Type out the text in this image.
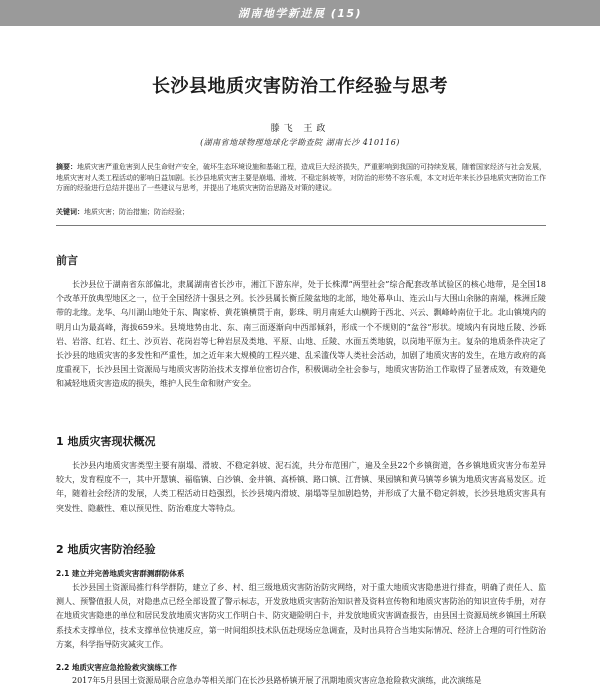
湖南地学新进展 (15)
长沙县地质灾害防治工作经验与思考
滕飞 王政
(湖南省地球物理地球化学勘查院 湖南长沙 410116)
摘要：地质灾害严重危害到人民生命财产安全，破坏生态环境设施和基础工程，造成巨大经济损失，严重影响到我国的可持续发展，随着国家经济与社会发展，地质灾害对人类工程活动的影响日益加剧。长沙县地质灾害主要是崩塌、滑坡、不稳定斜坡等，对防治的形势不容乐观，本文对近年来长沙县地质灾害防治工作方面的经验进行总结并提出了一些建议与思考，并提出了地质灾害防治思路及对策的建议。
关键词：地质灾害；防治措施；防治经验；
前言
长沙县位于湖南省东部偏北，隶属湖南省长沙市，湘江下游东岸，处于长株潭“两型社会”综合配套改革试验区的核心地带，是全国18个改革开放典型地区之一，位于全国经济十强县之列。长沙县属长衡丘陵盆地的北部，地处幕阜山、连云山与大围山余脉的南端，株洲丘陵带的北缘。龙华、乌川湖山地处于东、陶家桥、黄花镇横贯于南，影珠、明月南延大山横跨于西北、兴云、飘峰岭南位于北。北山镇境内的明月山为最高峰，海拔659米。县境地势由北、东、南三面逐渐向中西部倾斜，形成一个不规则的“盆谷”形状。境域内有岗地丘陵、沙砾岩、岩溶、红岩、红土、沙页岩、花岗岩等七种岩层及类地、平原、山地、丘陵、水面五类地貌，以岗地平原为主。复杂的地质条件决定了长沙县的地质灾害的多发性和严重性，加之近年来大规模的工程兴建、乱采滥伐等人类社会活动，加剧了地质灾害的发生，在地方政府的高度重视下，长沙县国土资源局与地质灾害防治技术支撑单位密切合作，积极调动全社会参与，地质灾害防治工作取得了显著成效，有效避免和减轻地质灾害造成的损失，维护人民生命和财产安全。
1 地质灾害现状概况
长沙县内地质灾害类型主要有崩塌、滑坡、不稳定斜坡、泥石流，共分布范围广，遍及全县22个乡镇街道，各乡镇地质灾害分布差异较大，发育程度不一，其中开慧镇、福临镇、白沙镇、金井镇、高桥镇、路口镇、江背镇、果园镇和黄马镇等乡镇为地质灾害高易发区。近年，随着社会经济的发展，人类工程活动日趋强烈，长沙县境内滑坡、崩塌等呈加剧趋势，并形成了大量不稳定斜坡，长沙县地质灾害具有突发性、隐蔽性、难以预见性、防治难度大等特点。
2 地质灾害防治经验
2.1 建立并完善地质灾害群测群防体系
长沙县国土资源局推行科学群防，建立了乡、村、组三级地质灾害防治防灾网络，对于重大地质灾害隐患进行排查，明确了责任人、监测人、预警值报人员，对隐患点已经全部设置了警示标志，开发放地质灾害防治知识普及资料宣传物和地质灾害防治的知识宣传手册，对存在地质灾害隐患的单位和居民发放地质灾害防灾工作明白卡、防灾避险明白卡，并发放地质灾害调查报告，由县国土资源局统乡镇国土所联系技术支撑单位，技术支撑单位快速反应，第一时间组织技术队伍赴现场应急调查，及时出具符合当地实际情况、经济上合理的可行性防治方案，科学指导防灾减灾工作。
2.2 地质灾害应急抢险救灾演练工作
2017年5月县国土资源局联合应急办等相关部门在长沙县路桥镇开展了汛期地质灾害应急抢险救灾演练，此次演练是
